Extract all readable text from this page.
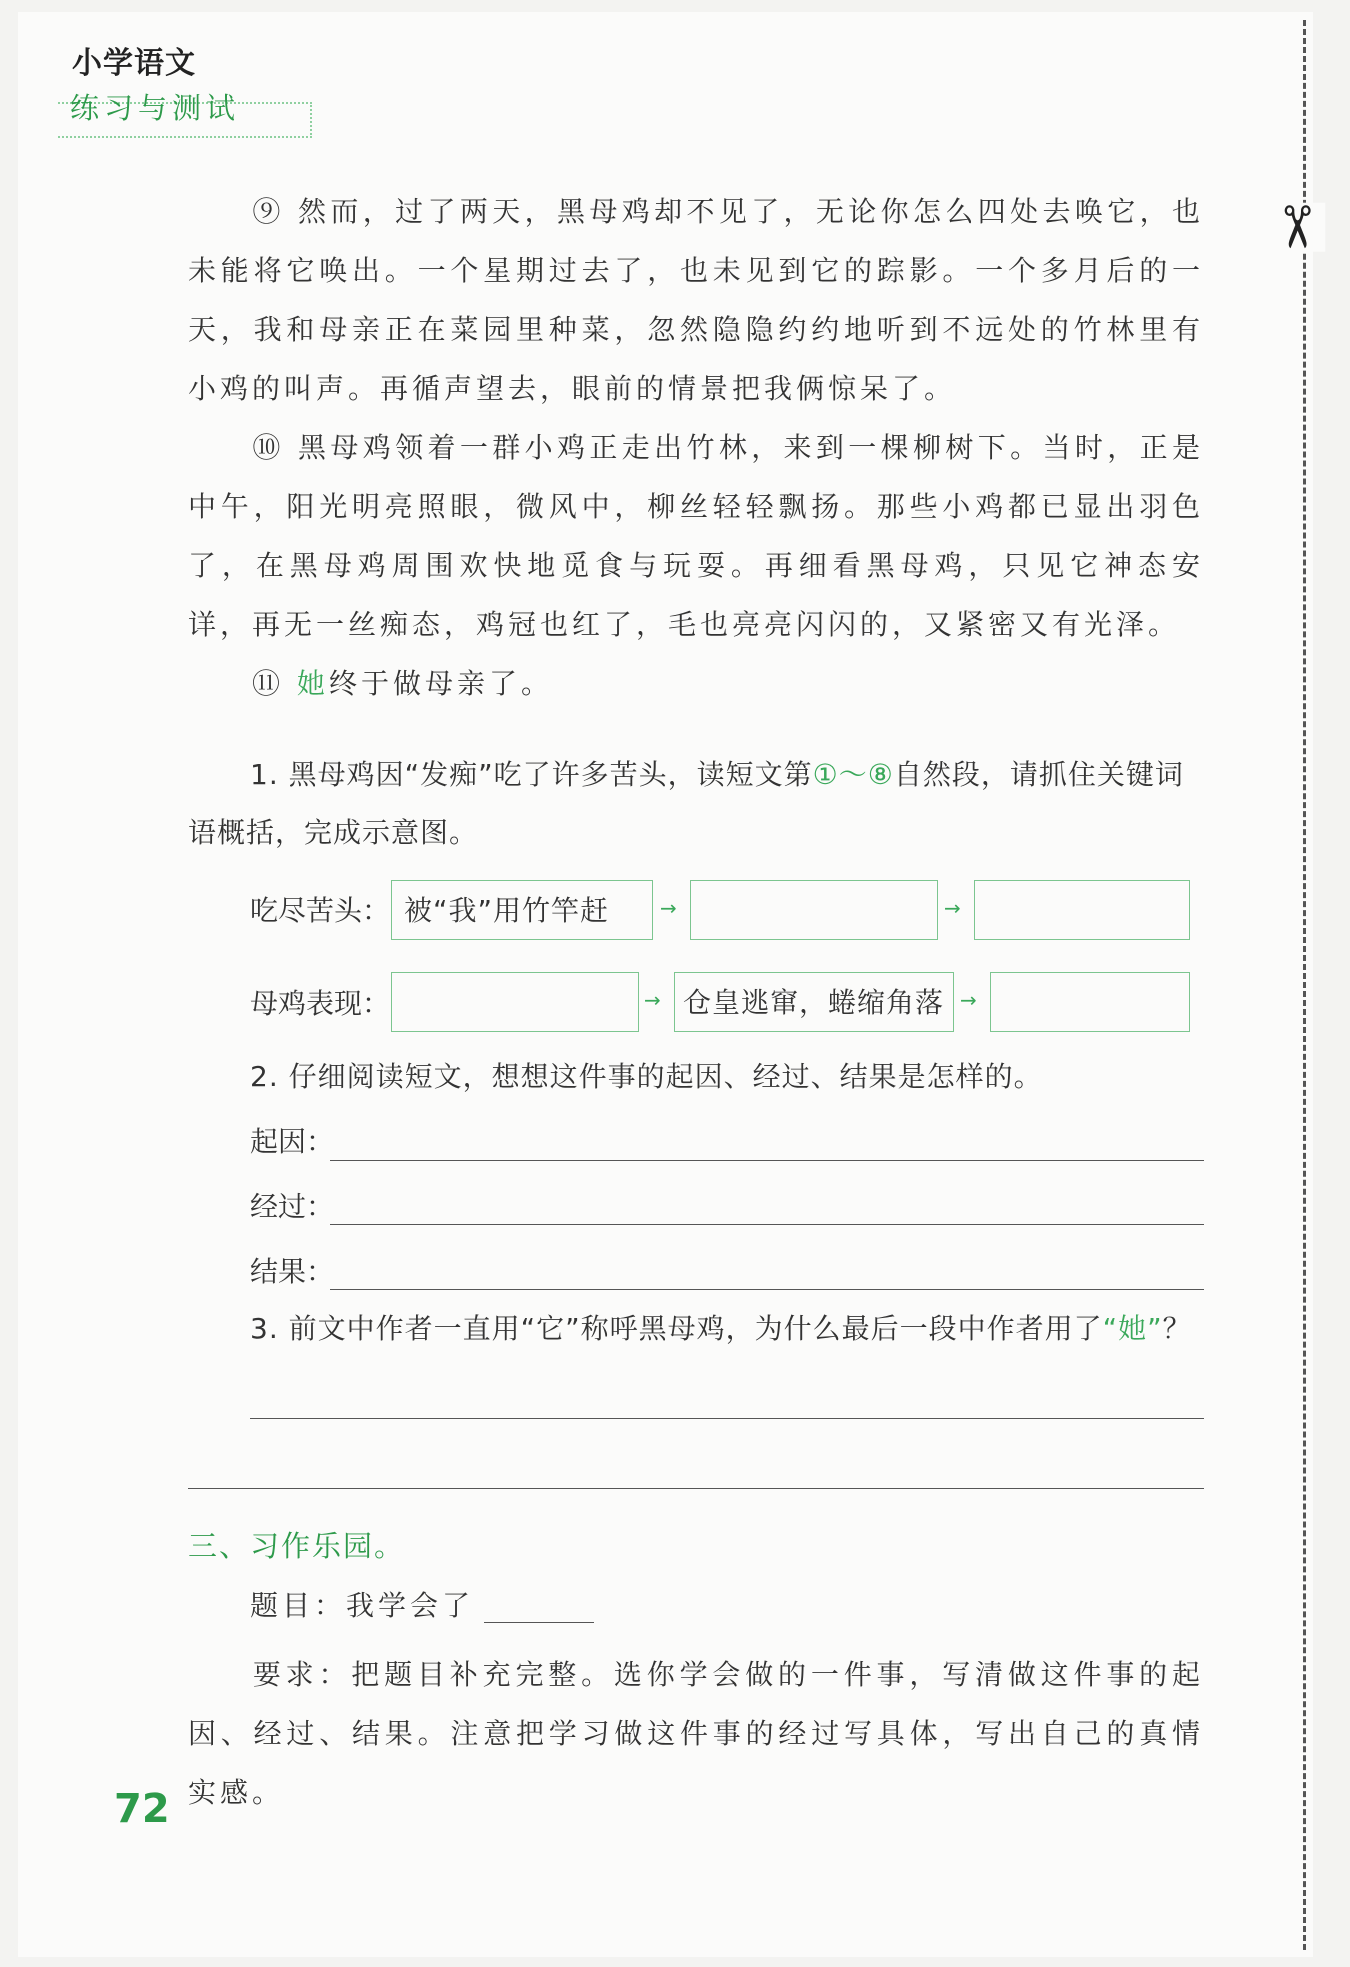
小学语文
练习与测试
✂

⑨ 然而，过了两天，黑母鸡却不见了，无论你怎么四处去唤它，也未能将它唤出。一个星期过去了，也未见到它的踪影。一个多月后的一天，我和母亲正在菜园里种菜，忽然隐隐约约地听到不远处的竹林里有小鸡的叫声。再循声望去，眼前的情景把我俩惊呆了。

⑩ 黑母鸡领着一群小鸡正走出竹林，来到一棵柳树下。当时，正是中午，阳光明亮照眼，微风中，柳丝轻轻飘扬。那些小鸡都已显出羽色了，在黑母鸡周围欢快地觅食与玩耍。再细看黑母鸡，只见它神态安详，再无一丝痴态，鸡冠也红了，毛也亮亮闪闪的，又紧密又有光泽。

⑪ 她终于做母亲了。

1. 黑母鸡因“发痴”吃了许多苦头，读短文第①～⑧自然段，请抓住关键词语概括，完成示意图。

吃尽苦头： 被“我”用竹竿赶	→	→
母鸡表现：	→ 仓皇逃窜，蜷缩角落 →

2. 仔细阅读短文，想想这件事的起因、经过、结果是怎样的。

起因：
经过：
结果：

3. 前文中作者一直用“它”称呼黑母鸡，为什么最后一段中作者用了“她”？

三、习作乐园。
题目：我学会了

要求：把题目补充完整。选你学会做的一件事，写清做这件事的起因、经过、结果。注意把学习做这件事的经过写具体，写出自己的真情实感。

72
